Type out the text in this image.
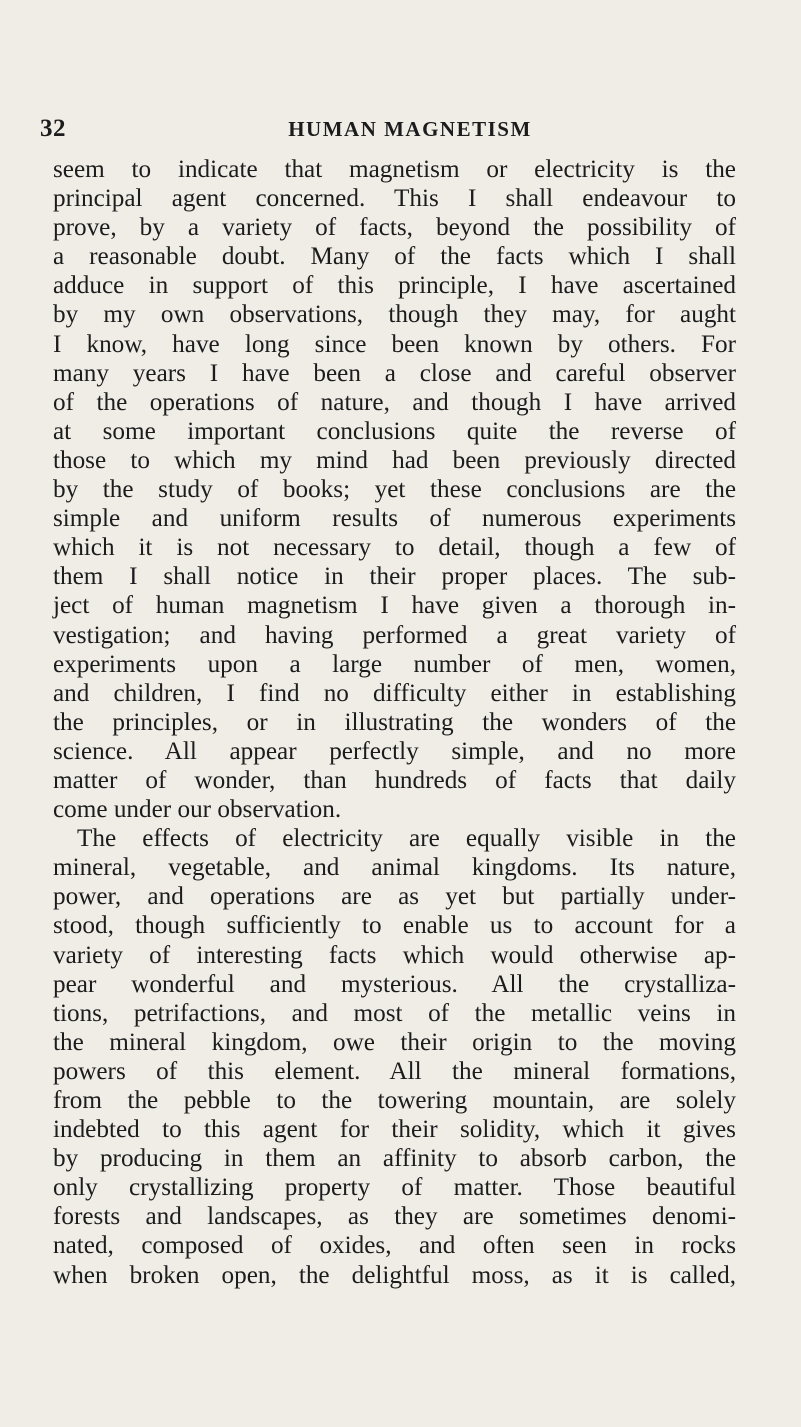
32	HUMAN MAGNETISM
seem to indicate that magnetism or electricity is the
principal agent concerned. This I shall endeavour to
prove, by a variety of facts, beyond the possibility of
a reasonable doubt. Many of the facts which I shall
adduce in support of this principle, I have ascertained
by my own observations, though they may, for aught
I know, have long since been known by others. For
many years I have been a close and careful observer
of the operations of nature, and though I have arrived
at some important conclusions quite the reverse of
those to which my mind had been previously directed
by the study of books; yet these conclusions are the
simple and uniform results of numerous experiments
which it is not necessary to detail, though a few of
them I shall notice in their proper places. The sub-
ject of human magnetism I have given a thorough in-
vestigation; and having performed a great variety of
experiments upon a large number of men, women,
and children, I find no difficulty either in establishing
the principles, or in illustrating the wonders of the
science. All appear perfectly simple, and no more
matter of wonder, than hundreds of facts that daily
come under our observation.
The effects of electricity are equally visible in the
mineral, vegetable, and animal kingdoms. Its nature,
power, and operations are as yet but partially under-
stood, though sufficiently to enable us to account for a
variety of interesting facts which would otherwise ap-
pear wonderful and mysterious. All the crystalliza-
tions, petrifactions, and most of the metallic veins in
the mineral kingdom, owe their origin to the moving
powers of this element. All the mineral formations,
from the pebble to the towering mountain, are solely
indebted to this agent for their solidity, which it gives
by producing in them an affinity to absorb carbon, the
only crystallizing property of matter. Those beautiful
forests and landscapes, as they are sometimes denomi-
nated, composed of oxides, and often seen in rocks
when broken open, the delightful moss, as it is called,
